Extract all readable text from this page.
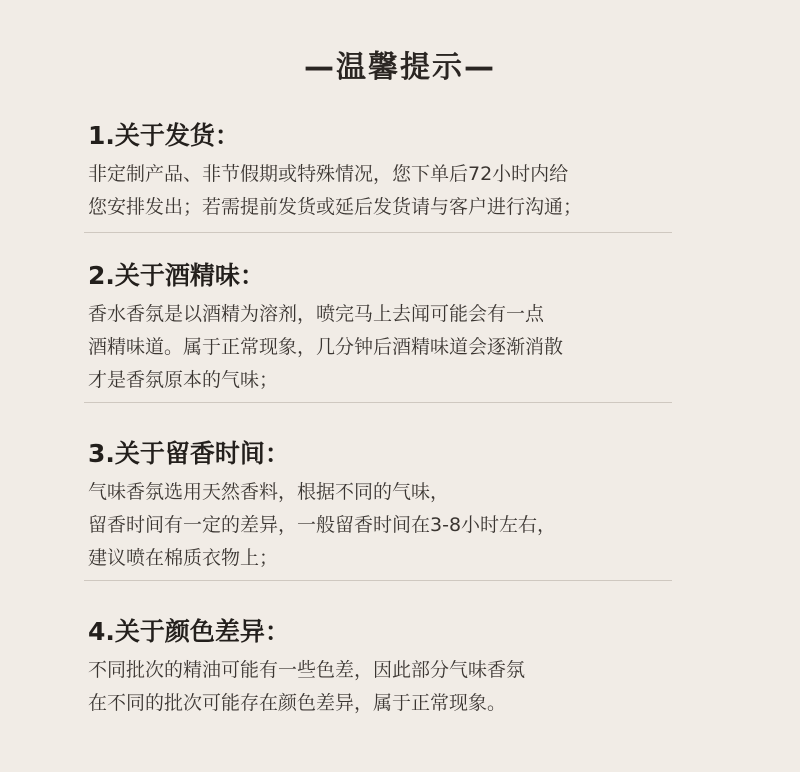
—温馨提示—
1.关于发货：
非定制产品、非节假期或特殊情况，您下单后72小时内给
您安排发出；若需提前发货或延后发货请与客户进行沟通；
2.关于酒精味：
香水香氛是以酒精为溶剂，喷完马上去闻可能会有一点
酒精味道。属于正常现象，几分钟后酒精味道会逐渐消散
才是香氛原本的气味；
3.关于留香时间：
气味香氛选用天然香料，根据不同的气味，
留香时间有一定的差异，一般留香时间在3-8小时左右，
建议喷在棉质衣物上；
4.关于颜色差异：
不同批次的精油可能有一些色差，因此部分气味香氛
在不同的批次可能存在颜色差异，属于正常现象。
